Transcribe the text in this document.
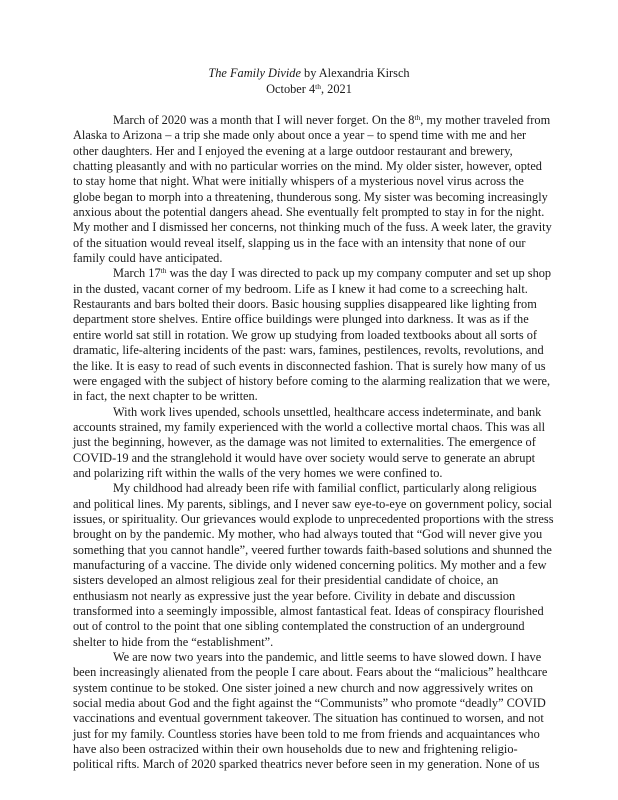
The Family Divide by Alexandria Kirsch
October 4th, 2021
March of 2020 was a month that I will never forget. On the 8th, my mother traveled from
Alaska to Arizona – a trip she made only about once a year – to spend time with me and her
other daughters. Her and I enjoyed the evening at a large outdoor restaurant and brewery,
chatting pleasantly and with no particular worries on the mind. My older sister, however, opted
to stay home that night. What were initially whispers of a mysterious novel virus across the
globe began to morph into a threatening, thunderous song. My sister was becoming increasingly
anxious about the potential dangers ahead. She eventually felt prompted to stay in for the night.
My mother and I dismissed her concerns, not thinking much of the fuss. A week later, the gravity
of the situation would reveal itself, slapping us in the face with an intensity that none of our
family could have anticipated.
March 17th was the day I was directed to pack up my company computer and set up shop
in the dusted, vacant corner of my bedroom. Life as I knew it had come to a screeching halt.
Restaurants and bars bolted their doors. Basic housing supplies disappeared like lighting from
department store shelves. Entire office buildings were plunged into darkness. It was as if the
entire world sat still in rotation. We grow up studying from loaded textbooks about all sorts of
dramatic, life-altering incidents of the past: wars, famines, pestilences, revolts, revolutions, and
the like. It is easy to read of such events in disconnected fashion. That is surely how many of us
were engaged with the subject of history before coming to the alarming realization that we were,
in fact, the next chapter to be written.
With work lives upended, schools unsettled, healthcare access indeterminate, and bank
accounts strained, my family experienced with the world a collective mortal chaos. This was all
just the beginning, however, as the damage was not limited to externalities. The emergence of
COVID-19 and the stranglehold it would have over society would serve to generate an abrupt
and polarizing rift within the walls of the very homes we were confined to.
My childhood had already been rife with familial conflict, particularly along religious
and political lines. My parents, siblings, and I never saw eye-to-eye on government policy, social
issues, or spirituality. Our grievances would explode to unprecedented proportions with the stress
brought on by the pandemic. My mother, who had always touted that “God will never give you
something that you cannot handle”, veered further towards faith-based solutions and shunned the
manufacturing of a vaccine. The divide only widened concerning politics. My mother and a few
sisters developed an almost religious zeal for their presidential candidate of choice, an
enthusiasm not nearly as expressive just the year before. Civility in debate and discussion
transformed into a seemingly impossible, almost fantastical feat. Ideas of conspiracy flourished
out of control to the point that one sibling contemplated the construction of an underground
shelter to hide from the “establishment”.
We are now two years into the pandemic, and little seems to have slowed down. I have
been increasingly alienated from the people I care about. Fears about the “malicious” healthcare
system continue to be stoked. One sister joined a new church and now aggressively writes on
social media about God and the fight against the “Communists” who promote “deadly” COVID
vaccinations and eventual government takeover. The situation has continued to worsen, and not
just for my family. Countless stories have been told to me from friends and acquaintances who
have also been ostracized within their own households due to new and frightening religio-
political rifts. March of 2020 sparked theatrics never before seen in my generation. None of us
